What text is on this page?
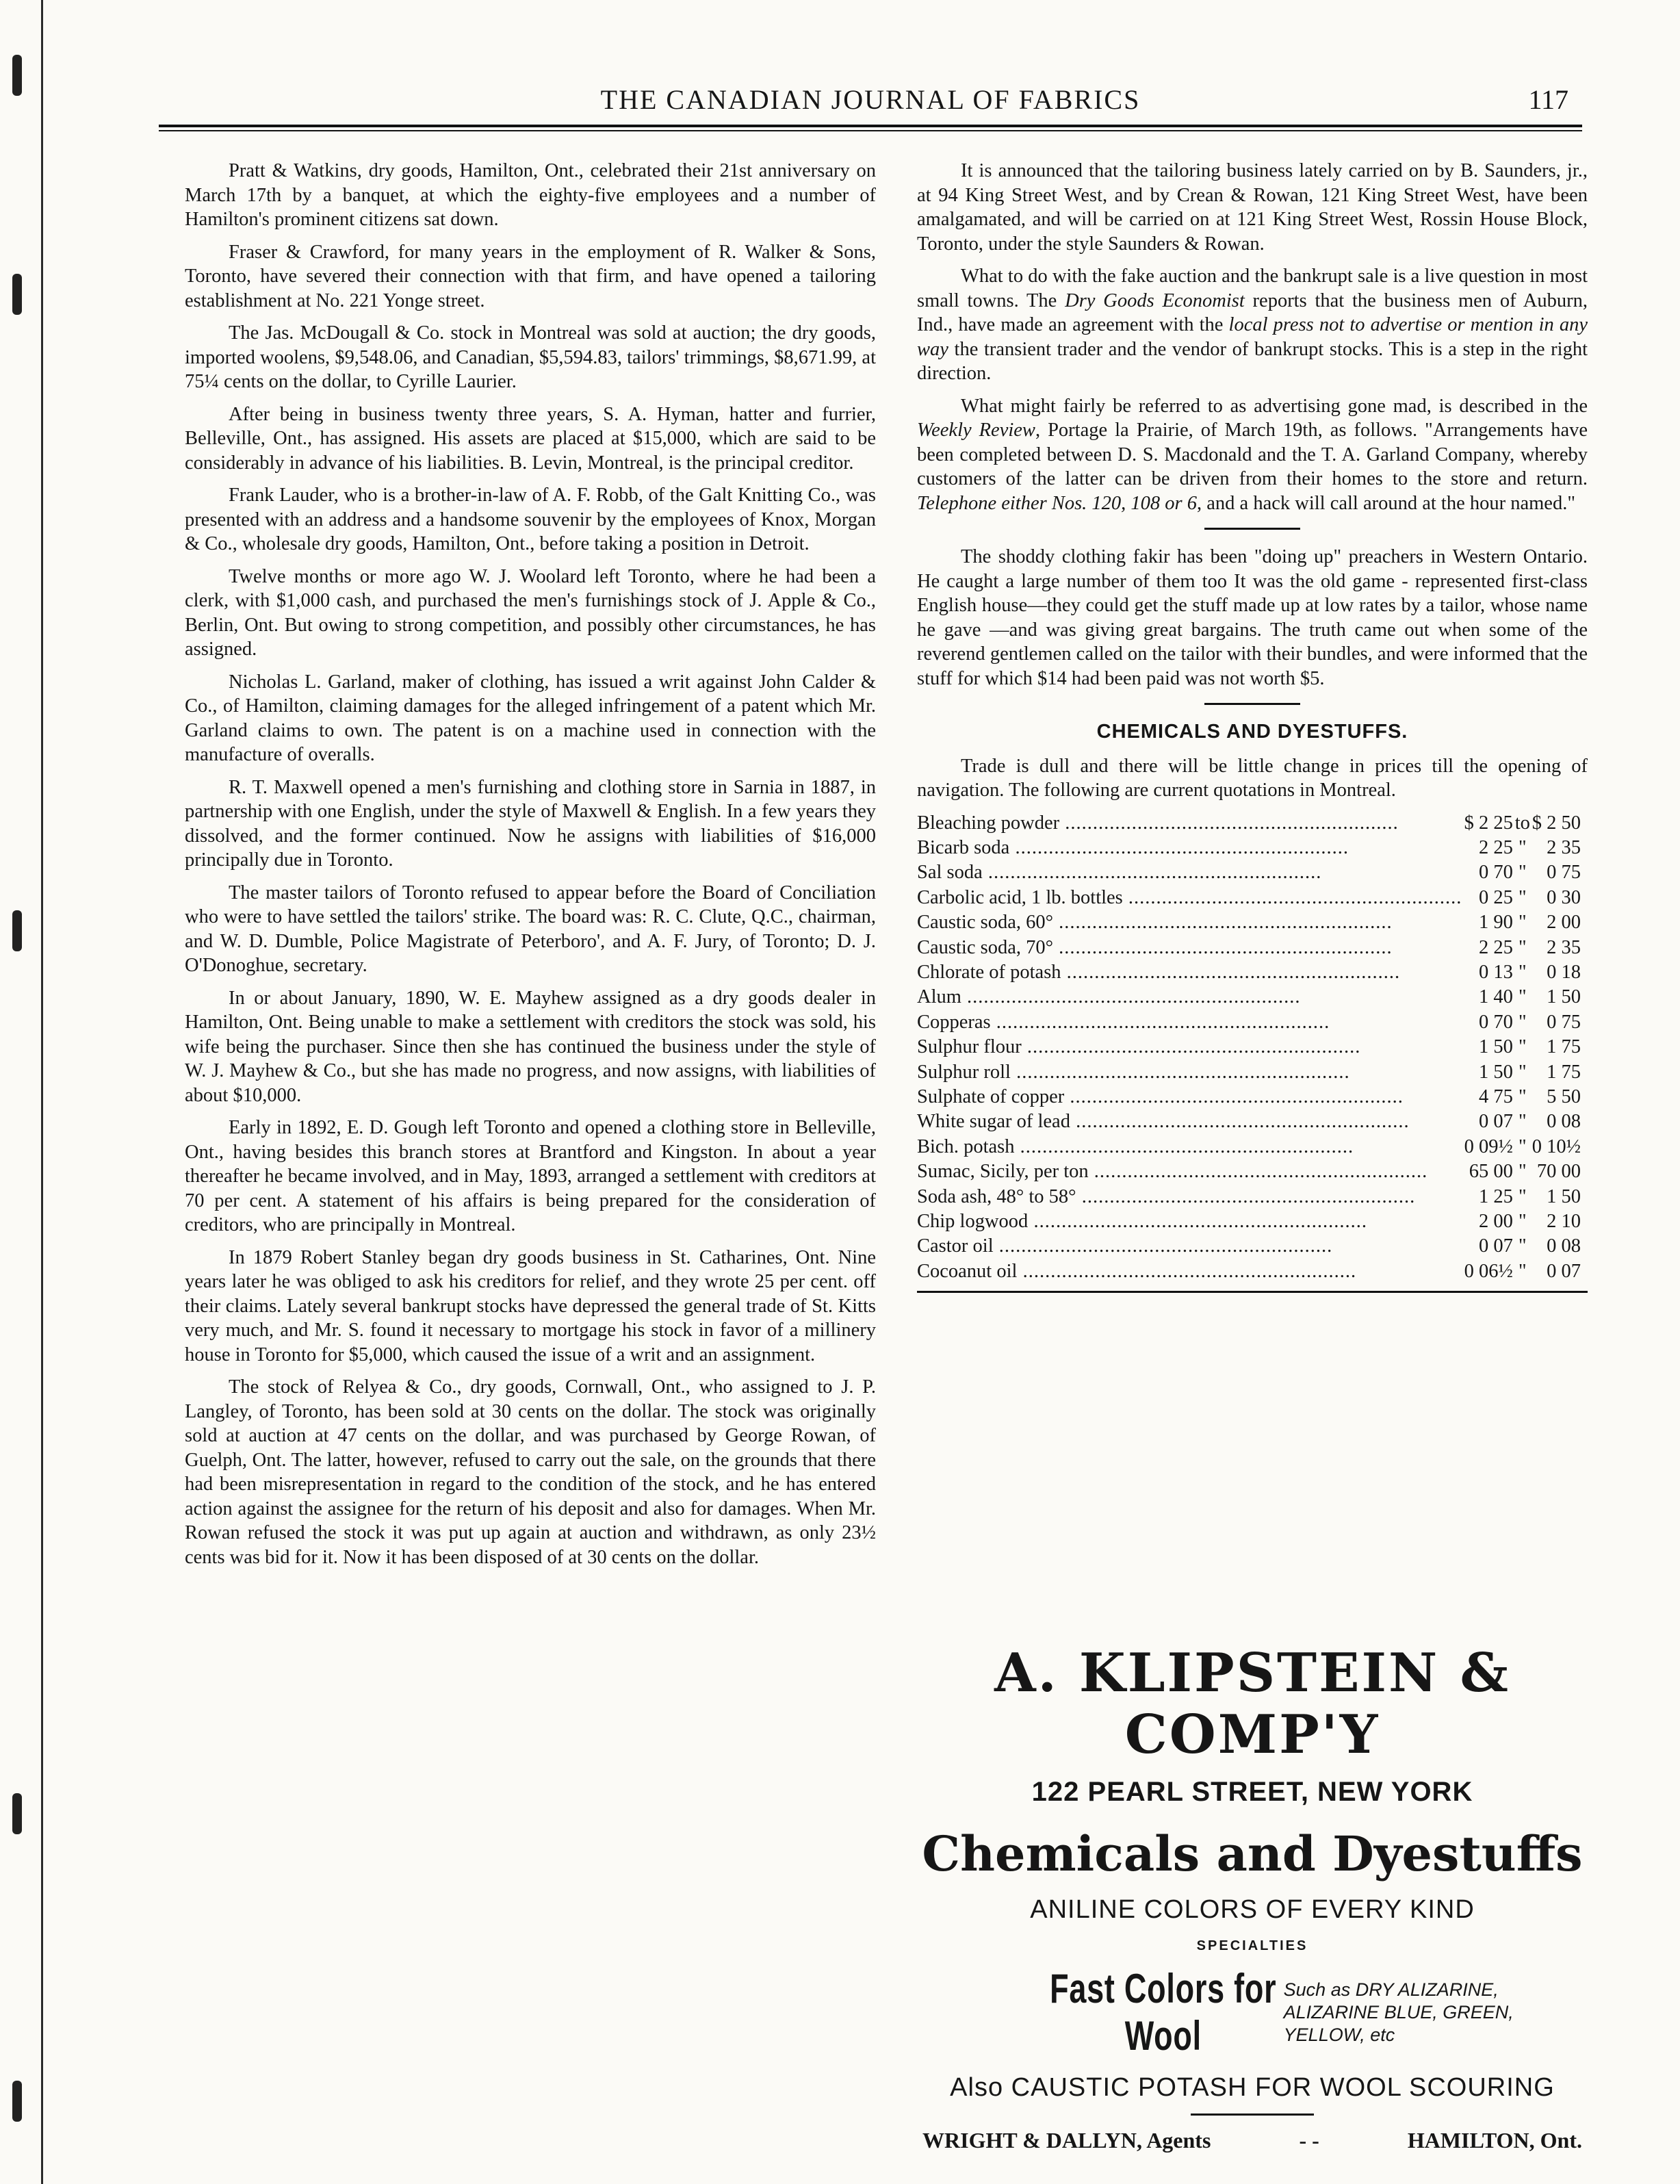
THE CANADIAN JOURNAL OF FABRICS	117

Pratt & Watkins, dry goods, Hamilton, Ont., celebrated their 21st anniversary on March 17th by a banquet, at which the eighty-five employees and a number of Hamilton's prominent citizens sat down.

Fraser & Crawford, for many years in the employment of R. Walker & Sons, Toronto, have severed their connection with that firm, and have opened a tailoring establishment at No. 221 Yonge street.

The Jas. McDougall & Co. stock in Montreal was sold at auction; the dry goods, imported woolens, $9,548.06, and Canadian, $5,594.83, tailors' trimmings, $8,671.99, at 75¼ cents on the dollar, to Cyrille Laurier.

After being in business twenty three years, S. A. Hyman, hatter and furrier, Belleville, Ont., has assigned. His assets are placed at $15,000, which are said to be considerably in advance of his liabilities. B. Levin, Montreal, is the principal creditor.

Frank Lauder, who is a brother-in-law of A. F. Robb, of the Galt Knitting Co., was presented with an address and a handsome souvenir by the employees of Knox, Morgan & Co., wholesale dry goods, Hamilton, Ont., before taking a position in Detroit.

Twelve months or more ago W. J. Woolard left Toronto, where he had been a clerk, with $1,000 cash, and purchased the men's furnishings stock of J. Apple & Co., Berlin, Ont. But owing to strong competition, and possibly other circumstances, he has assigned.

Nicholas L. Garland, maker of clothing, has issued a writ against John Calder & Co., of Hamilton, claiming damages for the alleged infringement of a patent which Mr. Garland claims to own. The patent is on a machine used in connection with the manufacture of overalls.

R. T. Maxwell opened a men's furnishing and clothing store in Sarnia in 1887, in partnership with one English, under the style of Maxwell & English. In a few years they dissolved, and the former continued. Now he assigns with liabilities of $16,000 principally due in Toronto.

The master tailors of Toronto refused to appear before the Board of Conciliation who were to have settled the tailors' strike. The board was: R. C. Clute, Q.C., chairman, and W. D. Dumble, Police Magistrate of Peterboro', and A. F. Jury, of Toronto; D. J. O'Donoghue, secretary.

In or about January, 1890, W. E. Mayhew assigned as a dry goods dealer in Hamilton, Ont. Being unable to make a settlement with creditors the stock was sold, his wife being the purchaser. Since then she has continued the business under the style of W. J. Mayhew & Co., but she has made no progress, and now assigns, with liabilities of about $10,000.

Early in 1892, E. D. Gough left Toronto and opened a clothing store in Belleville, Ont., having besides this branch stores at Brantford and Kingston. In about a year thereafter he became involved, and in May, 1893, arranged a settlement with creditors at 70 per cent. A statement of his affairs is being prepared for the consideration of creditors, who are principally in Montreal.

In 1879 Robert Stanley began dry goods business in St. Catharines, Ont. Nine years later he was obliged to ask his creditors for relief, and they wrote 25 per cent. off their claims. Lately several bankrupt stocks have depressed the general trade of St. Kitts very much, and Mr. S. found it necessary to mortgage his stock in favor of a millinery house in Toronto for $5,000, which caused the issue of a writ and an assignment.

The stock of Relyea & Co., dry goods, Cornwall, Ont., who assigned to J. P. Langley, of Toronto, has been sold at 30 cents on the dollar. The stock was originally sold at auction at 47 cents on the dollar, and was purchased by George Rowan, of Guelph, Ont. The latter, however, refused to carry out the sale, on the grounds that there had been misrepresentation in regard to the condition of the stock, and he has entered action against the assignee for the return of his deposit and also for damages. When Mr. Rowan refused the stock it was put up again at auction and withdrawn, as only 23½ cents was bid for it. Now it has been disposed of at 30 cents on the dollar.

It is announced that the tailoring business lately carried on by B. Saunders, jr., at 94 King Street West, and by Crean & Rowan, 121 King Street West, have been amalgamated, and will be carried on at 121 King Street West, Rossin House Block, Toronto, under the style Saunders & Rowan.

What to do with the fake auction and the bankrupt sale is a live question in most small towns. The Dry Goods Economist reports that the business men of Auburn, Ind., have made an agreement with the local press not to advertise or mention in any way the transient trader and the vendor of bankrupt stocks. This is a step in the right direction.

What might fairly be referred to as advertising gone mad, is described in the Weekly Review, Portage la Prairie, of March 19th, as follows. "Arrangements have been completed between D. S. Macdonald and the T. A. Garland Company, whereby customers of the latter can be driven from their homes to the store and return. Telephone either Nos. 120, 108 or 6, and a hack will call around at the hour named."

The shoddy clothing fakir has been "doing up" preachers in Western Ontario. He caught a large number of them too It was the old game - represented first-class English house—they could get the stuff made up at low rates by a tailor, whose name he gave —and was giving great bargains. The truth came out when some of the reverend gentlemen called on the tailor with their bundles, and were informed that the stuff for which $14 had been paid was not worth $5.

CHEMICALS AND DYESTUFFS.

Trade is dull and there will be little change in prices till the opening of navigation. The following are current quotations in Montreal.

Bleaching powder ............................................................	$ 2 25	to	$ 2 50
Bicarb soda ............................................................	2 25	"	2 35
Sal soda ............................................................	0 70	"	0 75
Carbolic acid, 1 lb. bottles ............................................................	0 25	"	0 30
Caustic soda, 60° ............................................................	1 90	"	2 00
Caustic soda, 70° ............................................................	2 25	"	2 35
Chlorate of potash ............................................................	0 13	"	0 18
Alum ............................................................	1 40	"	1 50
Copperas ............................................................	0 70	"	0 75
Sulphur flour ............................................................	1 50	"	1 75
Sulphur roll ............................................................	1 50	"	1 75
Sulphate of copper ............................................................	4 75	"	5 50
White sugar of lead ............................................................	0 07	"	0 08
Bich. potash ............................................................	0 09½	"	0 10½
Sumac, Sicily, per ton ............................................................	65 00	"	70 00
Soda ash, 48° to 58° ............................................................	1 25	"	1 50
Chip logwood ............................................................	2 00	"	2 10
Castor oil ............................................................	0 07	"	0 08
Cocoanut oil ............................................................	0 06½	"	0 07
A. KLIPSTEIN & COMP'Y
122 PEARL STREET, NEW YORK
Chemicals and Dyestuffs
ANILINE COLORS OF EVERY KIND
SPECIALTIES
Fast Colors for Wool
Such as DRY ALIZARINE, ALIZARINE BLUE, GREEN, YELLOW, etc
Also CAUSTIC POTASH FOR WOOL SCOURING
WRIGHT & DALLYN, Agents	- -	HAMILTON, Ont.
